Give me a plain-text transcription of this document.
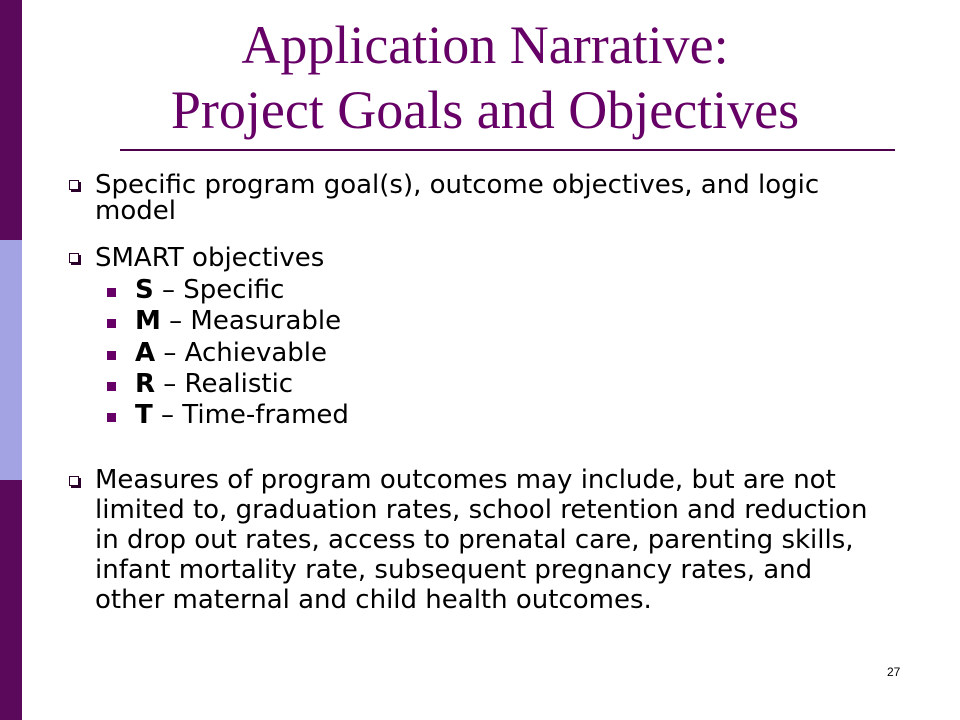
Application Narrative:
Project Goals and Objectives
Specific program goal(s), outcome objectives, and logic
model
SMART objectives
S – Specific
M – Measurable
A – Achievable
R – Realistic
T – Time-framed
Measures of program outcomes may include, but are not
limited to, graduation rates, school retention and reduction
in drop out rates, access to prenatal care, parenting skills,
infant mortality rate, subsequent pregnancy rates, and
other maternal and child health outcomes.
27
